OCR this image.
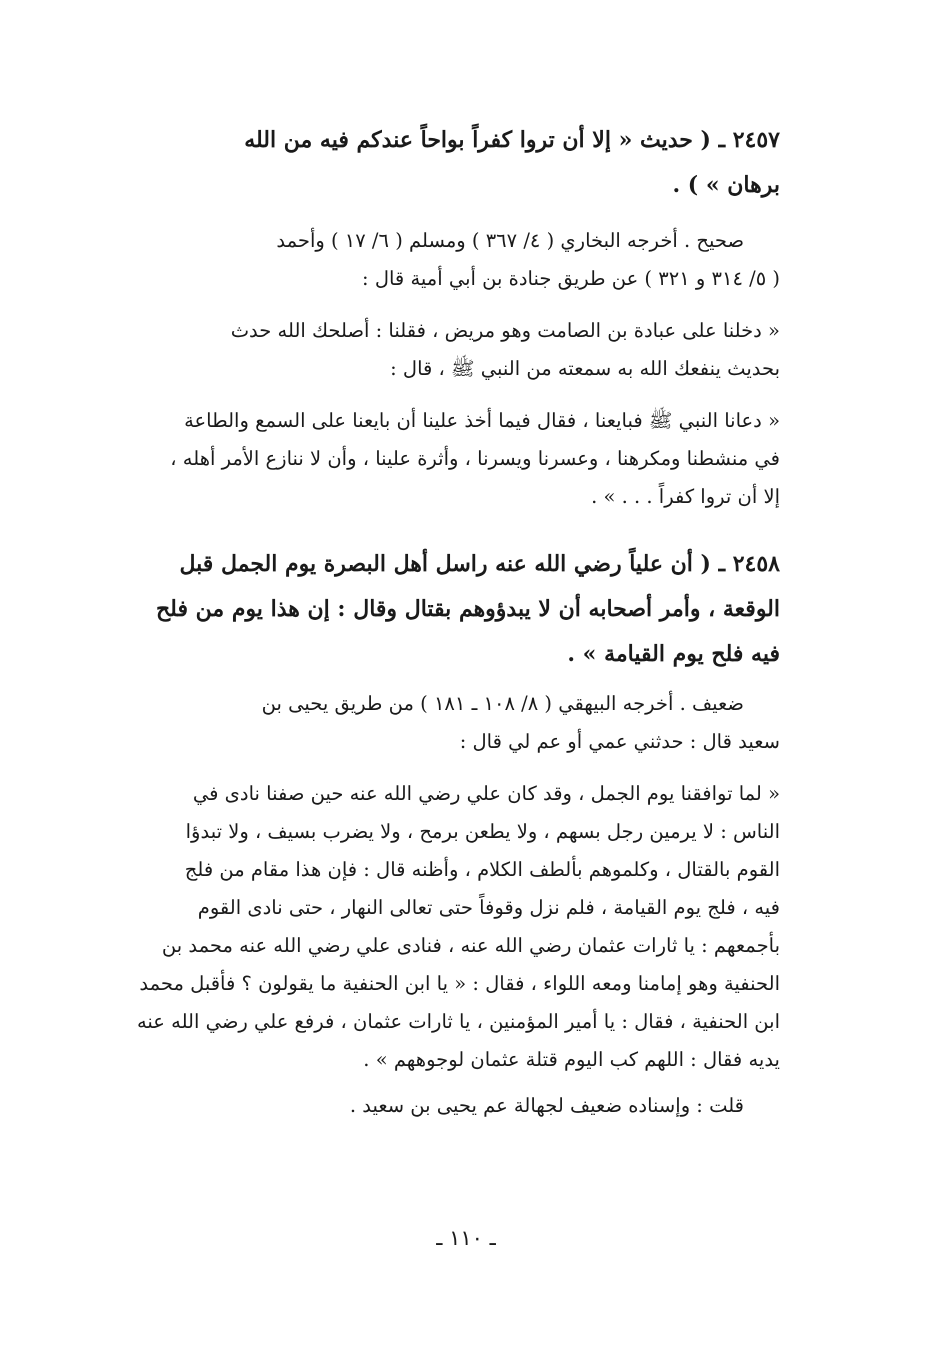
٢٤٥٧ ـ ( حديث « إلا أن تروا كفراً بواحاً عندكم فيه من الله
برهان » ) .
صحيح . أخرجه البخاري ( ٤/ ٣٦٧ ) ومسلم ( ٦/ ١٧ ) وأحمد
( ٥/ ٣١٤ و ٣٢١ ) عن طريق جنادة بن أبي أمية قال :
« دخلنا على عبادة بن الصامت وهو مريض ، فقلنا : أصلحك الله حدث
بحديث ينفعك الله به سمعته من النبي ﷺ ، قال :
« دعانا النبي ﷺ فبايعنا ، فقال فيما أخذ علينا أن بايعنا على السمع والطاعة
في منشطنا ومكرهنا ، وعسرنا ويسرنا ، وأثرة علينا ، وأن لا ننازع الأمر أهله ،
إلا أن تروا كفراً . . . » .
٢٤٥٨ ـ ( أن علياً رضي الله عنه راسل أهل البصرة يوم الجمل قبل
الوقعة ، وأمر أصحابه أن لا يبدؤوهم بقتال وقال : إن هذا يوم من فلح
فيه فلح يوم القيامة » .
ضعيف . أخرجه البيهقي ( ٨/ ١٠٨ ـ ١٨١ ) من طريق يحيى بن
سعيد قال : حدثني عمي أو عم لي قال :
« لما توافقنا يوم الجمل ، وقد كان علي رضي الله عنه حين صفنا نادى في
الناس : لا يرمين رجل بسهم ، ولا يطعن برمح ، ولا يضرب بسيف ، ولا تبدؤا
القوم بالقتال ، وكلموهم بألطف الكلام ، وأظنه قال : فإن هذا مقام من فلج
فيه ، فلج يوم القيامة ، فلم نزل وقوفاً حتى تعالى النهار ، حتى نادى القوم
بأجمعهم : يا ثارات عثمان رضي الله عنه ، فنادى علي رضي الله عنه محمد بن
الحنفية وهو إمامنا ومعه اللواء ، فقال : « يا ابن الحنفية ما يقولون ؟ فأقبل محمد
ابن الحنفية ، فقال : يا أمير المؤمنين ، يا ثارات عثمان ، فرفع علي رضي الله عنه
يديه فقال : اللهم كب اليوم قتلة عثمان لوجوههم » .
قلت : وإسناده ضعيف لجهالة عم يحيى بن سعيد .
ـ ١١٠ ـ
